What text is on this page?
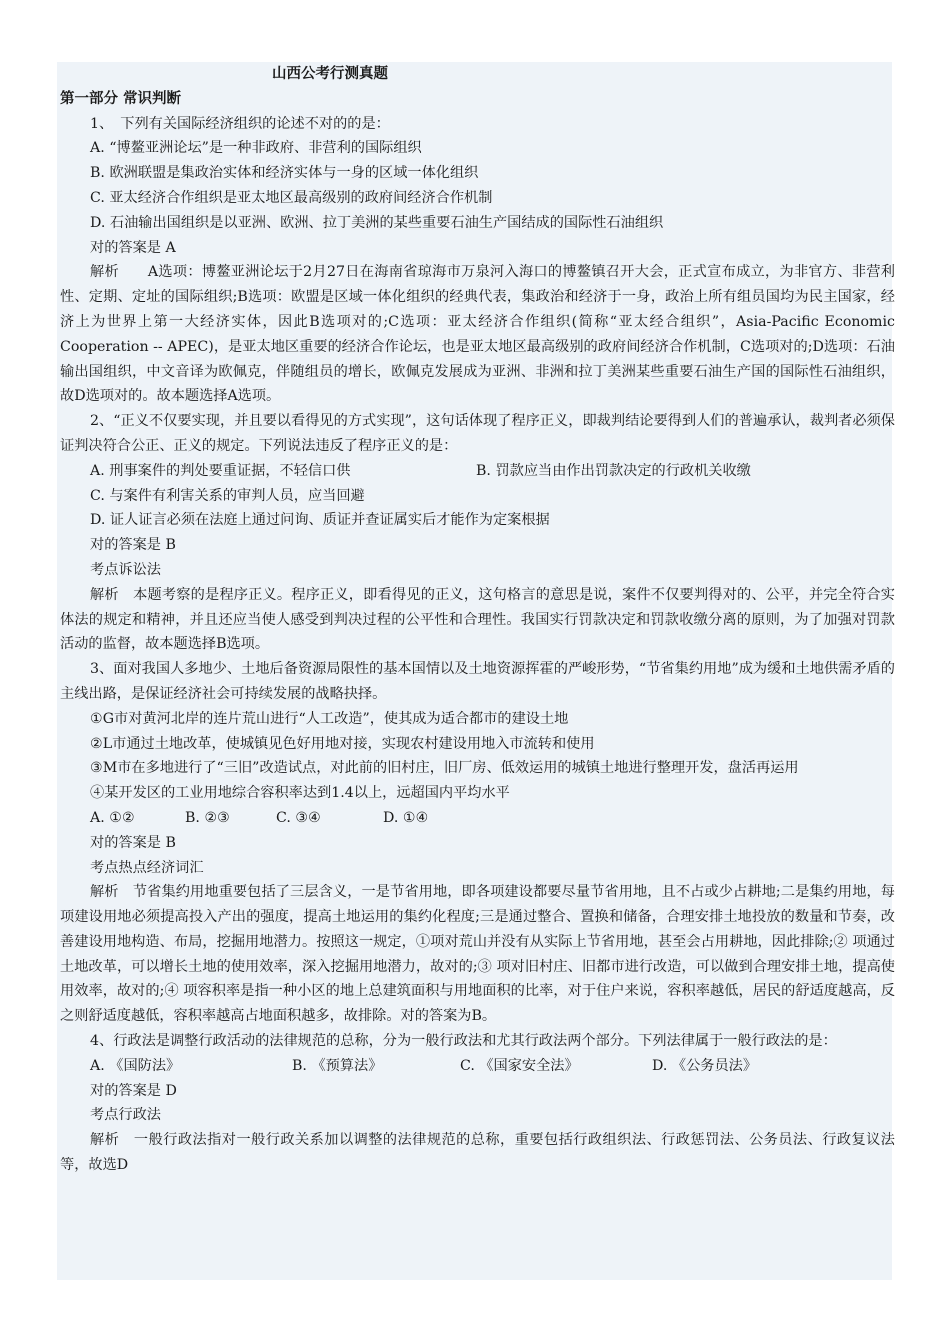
山西公考行测真题
第一部分 常识判断

1、　下列有关国际经济组织的论述不对的的是：

A. “博鳌亚洲论坛”是一种非政府、非营利的国际组织

B. 欧洲联盟是集政治实体和经济实体与一身的区域一体化组织

C. 亚太经济合作组织是亚太地区最高级别的政府间经济合作机制

D. 石油输出国组织是以亚洲、欧洲、拉丁美洲的某些重要石油生产国结成的国际性石油组织

对的答案是 A

解析　　A选项：博鳌亚洲论坛于2月27日在海南省琼海市万泉河入海口的博鳌镇召开大会，正式宣布成立，为非官方、非营利性、定期、定址的国际组织;B选项：欧盟是区域一体化组织的经典代表，集政治和经济于一身，政治上所有组员国均为民主国家，经济上为世界上第一大经济实体，因此B选项对的;C选项：亚太经济合作组织(简称“亚太经合组织”，Asia-Pacific Economic Cooperation -- APEC)，是亚太地区重要的经济合作论坛，也是亚太地区最高级别的政府间经济合作机制，C选项对的;D选项：石油输出国组织，中文音译为欧佩克，伴随组员的增长，欧佩克发展成为亚洲、非洲和拉丁美洲某些重要石油生产国的国际性石油组织，故D选项对的。故本题选择A选项。

2、“正义不仅要实现，并且要以看得见的方式实现”，这句话体现了程序正义，即裁判结论要得到人们的普遍承认，裁判者必须保证判决符合公正、正义的规定。下列说法违反了程序正义的是：

A. 刑事案件的判处要重证据，不轻信口供	B. 罚款应当由作出罚款决定的行政机关收缴

C. 与案件有利害关系的审判人员，应当回避

D. 证人证言必须在法庭上通过问询、质证并查证属实后才能作为定案根据

对的答案是 B

考点诉讼法

解析　本题考察的是程序正义。程序正义，即看得见的正义，这句格言的意思是说，案件不仅要判得对的、公平，并完全符合实体法的规定和精神，并且还应当使人感受到判决过程的公平性和合理性。我国实行罚款决定和罚款收缴分离的原则，为了加强对罚款活动的监督，故本题选择B选项。

3、面对我国人多地少、土地后备资源局限性的基本国情以及土地资源挥霍的严峻形势，“节省集约用地”成为缓和土地供需矛盾的主线出路，是保证经济社会可持续发展的战略抉择。

①G市对黄河北岸的连片荒山进行“人工改造”，使其成为适合都市的建设土地

②L市通过土地改革，使城镇见色好用地对接，实现农村建设用地入市流转和使用

③M市在多地进行了“三旧”改造试点，对此前的旧村庄，旧厂房、低效运用的城镇土地进行整理开发，盘活再运用

④某开发区的工业用地综合容积率达到1.4以上，远超国内平均水平

A. ①②	B. ②③	C. ③④	D. ①④

对的答案是 B

考点热点经济词汇

解析　节省集约用地重要包括了三层含义，一是节省用地，即各项建设都要尽量节省用地，且不占或少占耕地;二是集约用地，每项建设用地必须提高投入产出的强度，提高土地运用的集约化程度;三是通过整合、置换和储备，合理安排土地投放的数量和节奏，改善建设用地构造、布局，挖掘用地潜力。按照这一规定，①项对荒山并没有从实际上节省用地，甚至会占用耕地，因此排除;② 项通过土地改革，可以增长土地的使用效率，深入挖掘用地潜力，故对的;③ 项对旧村庄、旧都市进行改造，可以做到合理安排土地，提高使用效率，故对的;④ 项容积率是指一种小区的地上总建筑面积与用地面积的比率，对于住户来说，容积率越低，居民的舒适度越高，反之则舒适度越低，容积率越高占地面积越多，故排除。对的答案为B。

4、行政法是调整行政活动的法律规范的总称，分为一般行政法和尤其行政法两个部分。下列法律属于一般行政法的是：

A. 《国防法》	B. 《预算法》	C. 《国家安全法》	D. 《公务员法》

对的答案是 D

考点行政法

解析　一般行政法指对一般行政关系加以调整的法律规范的总称，重要包括行政组织法、行政惩罚法、公务员法、行政复议法等，故选D
